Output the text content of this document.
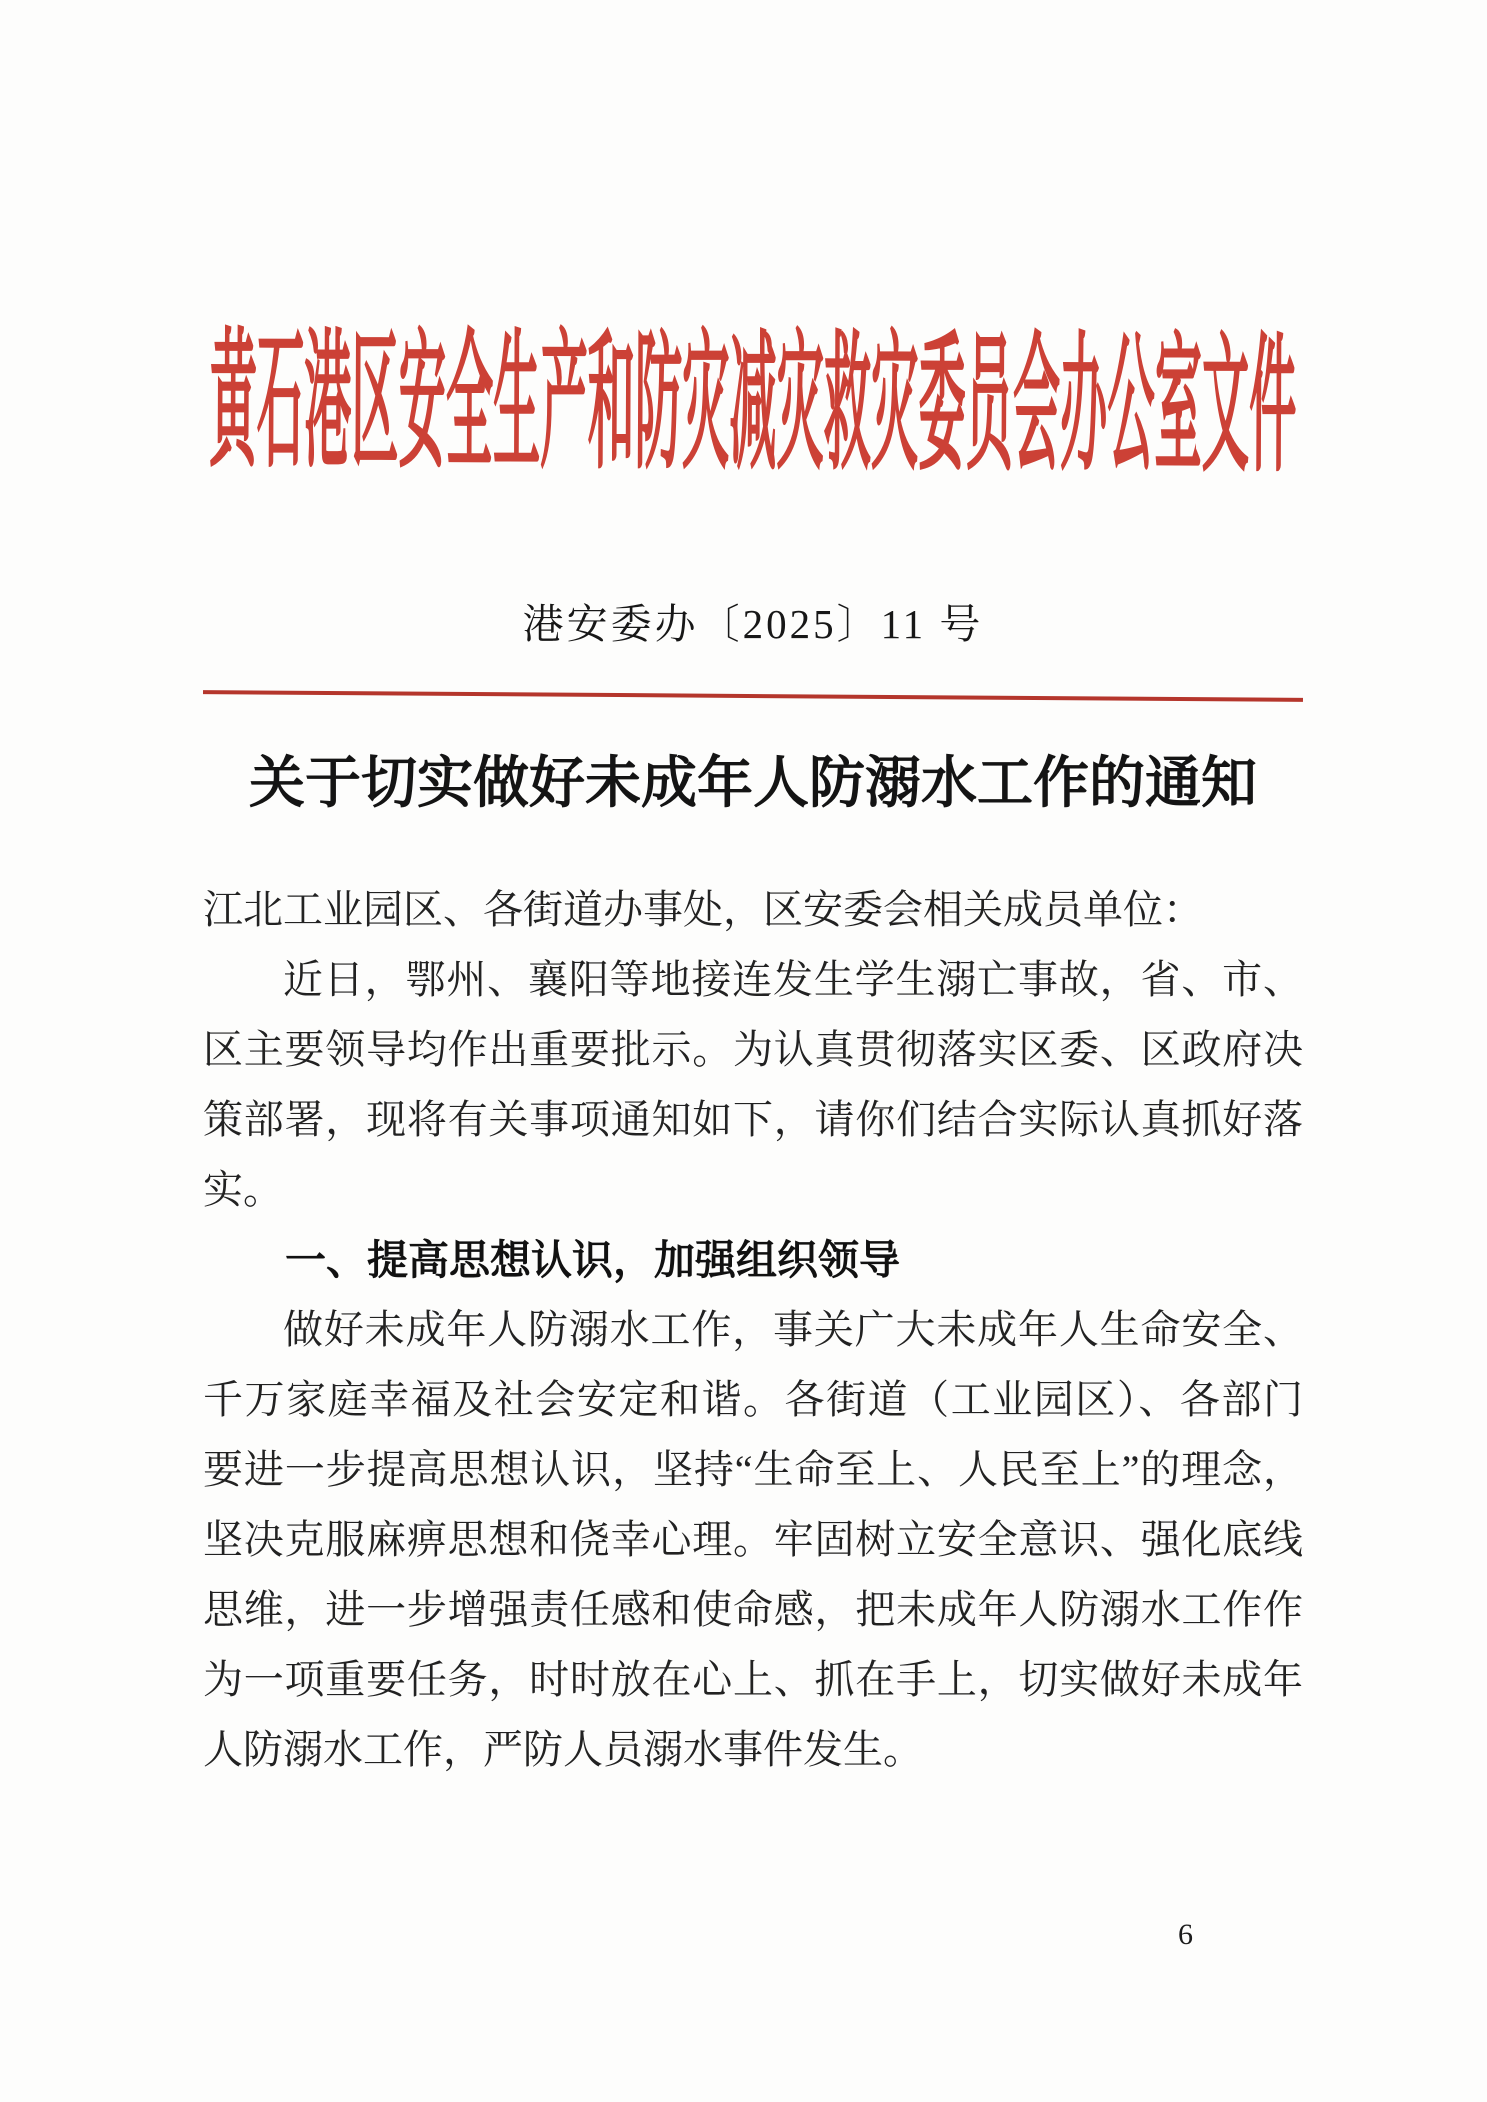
黄石港区安全生产和防灾减灾救灾委员会办公室文件
港安委办〔2025〕11 号
关于切实做好未成年人防溺水工作的通知
江北工业园区、各街道办事处，区安委会相关成员单位：
近日，鄂州、襄阳等地接连发生学生溺亡事故，省、市、
区主要领导均作出重要批示。为认真贯彻落实区委、区政府决
策部署，现将有关事项通知如下，请你们结合实际认真抓好落
实。
一、提高思想认识，加强组织领导
做好未成年人防溺水工作，事关广大未成年人生命安全、
千万家庭幸福及社会安定和谐。各街道（工业园区）、各部门
要进一步提高思想认识，坚持“生命至上、人民至上”的理念，
坚决克服麻痹思想和侥幸心理。牢固树立安全意识、强化底线
思维，进一步增强责任感和使命感，把未成年人防溺水工作作
为一项重要任务，时时放在心上、抓在手上，切实做好未成年
人防溺水工作，严防人员溺水事件发生。
6
